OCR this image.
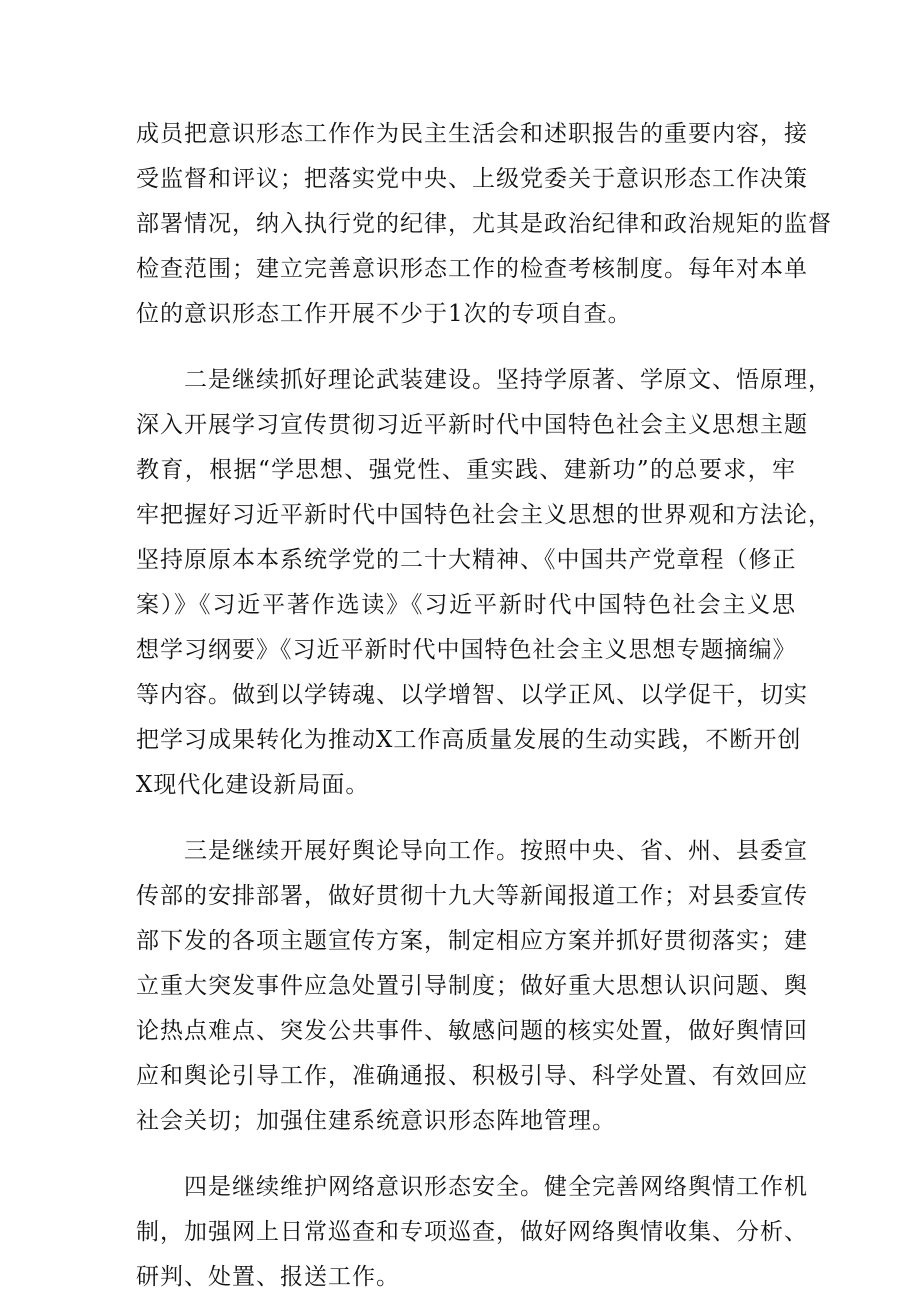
成员把意识形态工作作为民主生活会和述职报告的重要内容，接
受监督和评议；把落实党中央、上级党委关于意识形态工作决策
部署情况，纳入执行党的纪律，尤其是政治纪律和政治规矩的监督
检查范围；建立完善意识形态工作的检查考核制度。每年对本单
位的意识形态工作开展不少于1次的专项自查。
二是继续抓好理论武装建设。坚持学原著、学原文、悟原理，
深入开展学习宣传贯彻习近平新时代中国特色社会主义思想主题
教育，根据“学思想、强党性、重实践、建新功”的总要求，牢
牢把握好习近平新时代中国特色社会主义思想的世界观和方法论，
坚持原原本本系统学党的二十大精神、《中国共产党章程（修正
案）》《习近平著作选读》《习近平新时代中国特色社会主义思
想学习纲要》《习近平新时代中国特色社会主义思想专题摘编》
等内容。做到以学铸魂、以学增智、以学正风、以学促干，切实
把学习成果转化为推动X工作高质量发展的生动实践，不断开创
X现代化建设新局面。
三是继续开展好舆论导向工作。按照中央、省、州、县委宣
传部的安排部署，做好贯彻十九大等新闻报道工作；对县委宣传
部下发的各项主题宣传方案，制定相应方案并抓好贯彻落实；建
立重大突发事件应急处置引导制度；做好重大思想认识问题、舆
论热点难点、突发公共事件、敏感问题的核实处置，做好舆情回
应和舆论引导工作，准确通报、积极引导、科学处置、有效回应
社会关切；加强住建系统意识形态阵地管理。
四是继续维护网络意识形态安全。健全完善网络舆情工作机
制，加强网上日常巡查和专项巡查，做好网络舆情收集、分析、
研判、处置、报送工作。
